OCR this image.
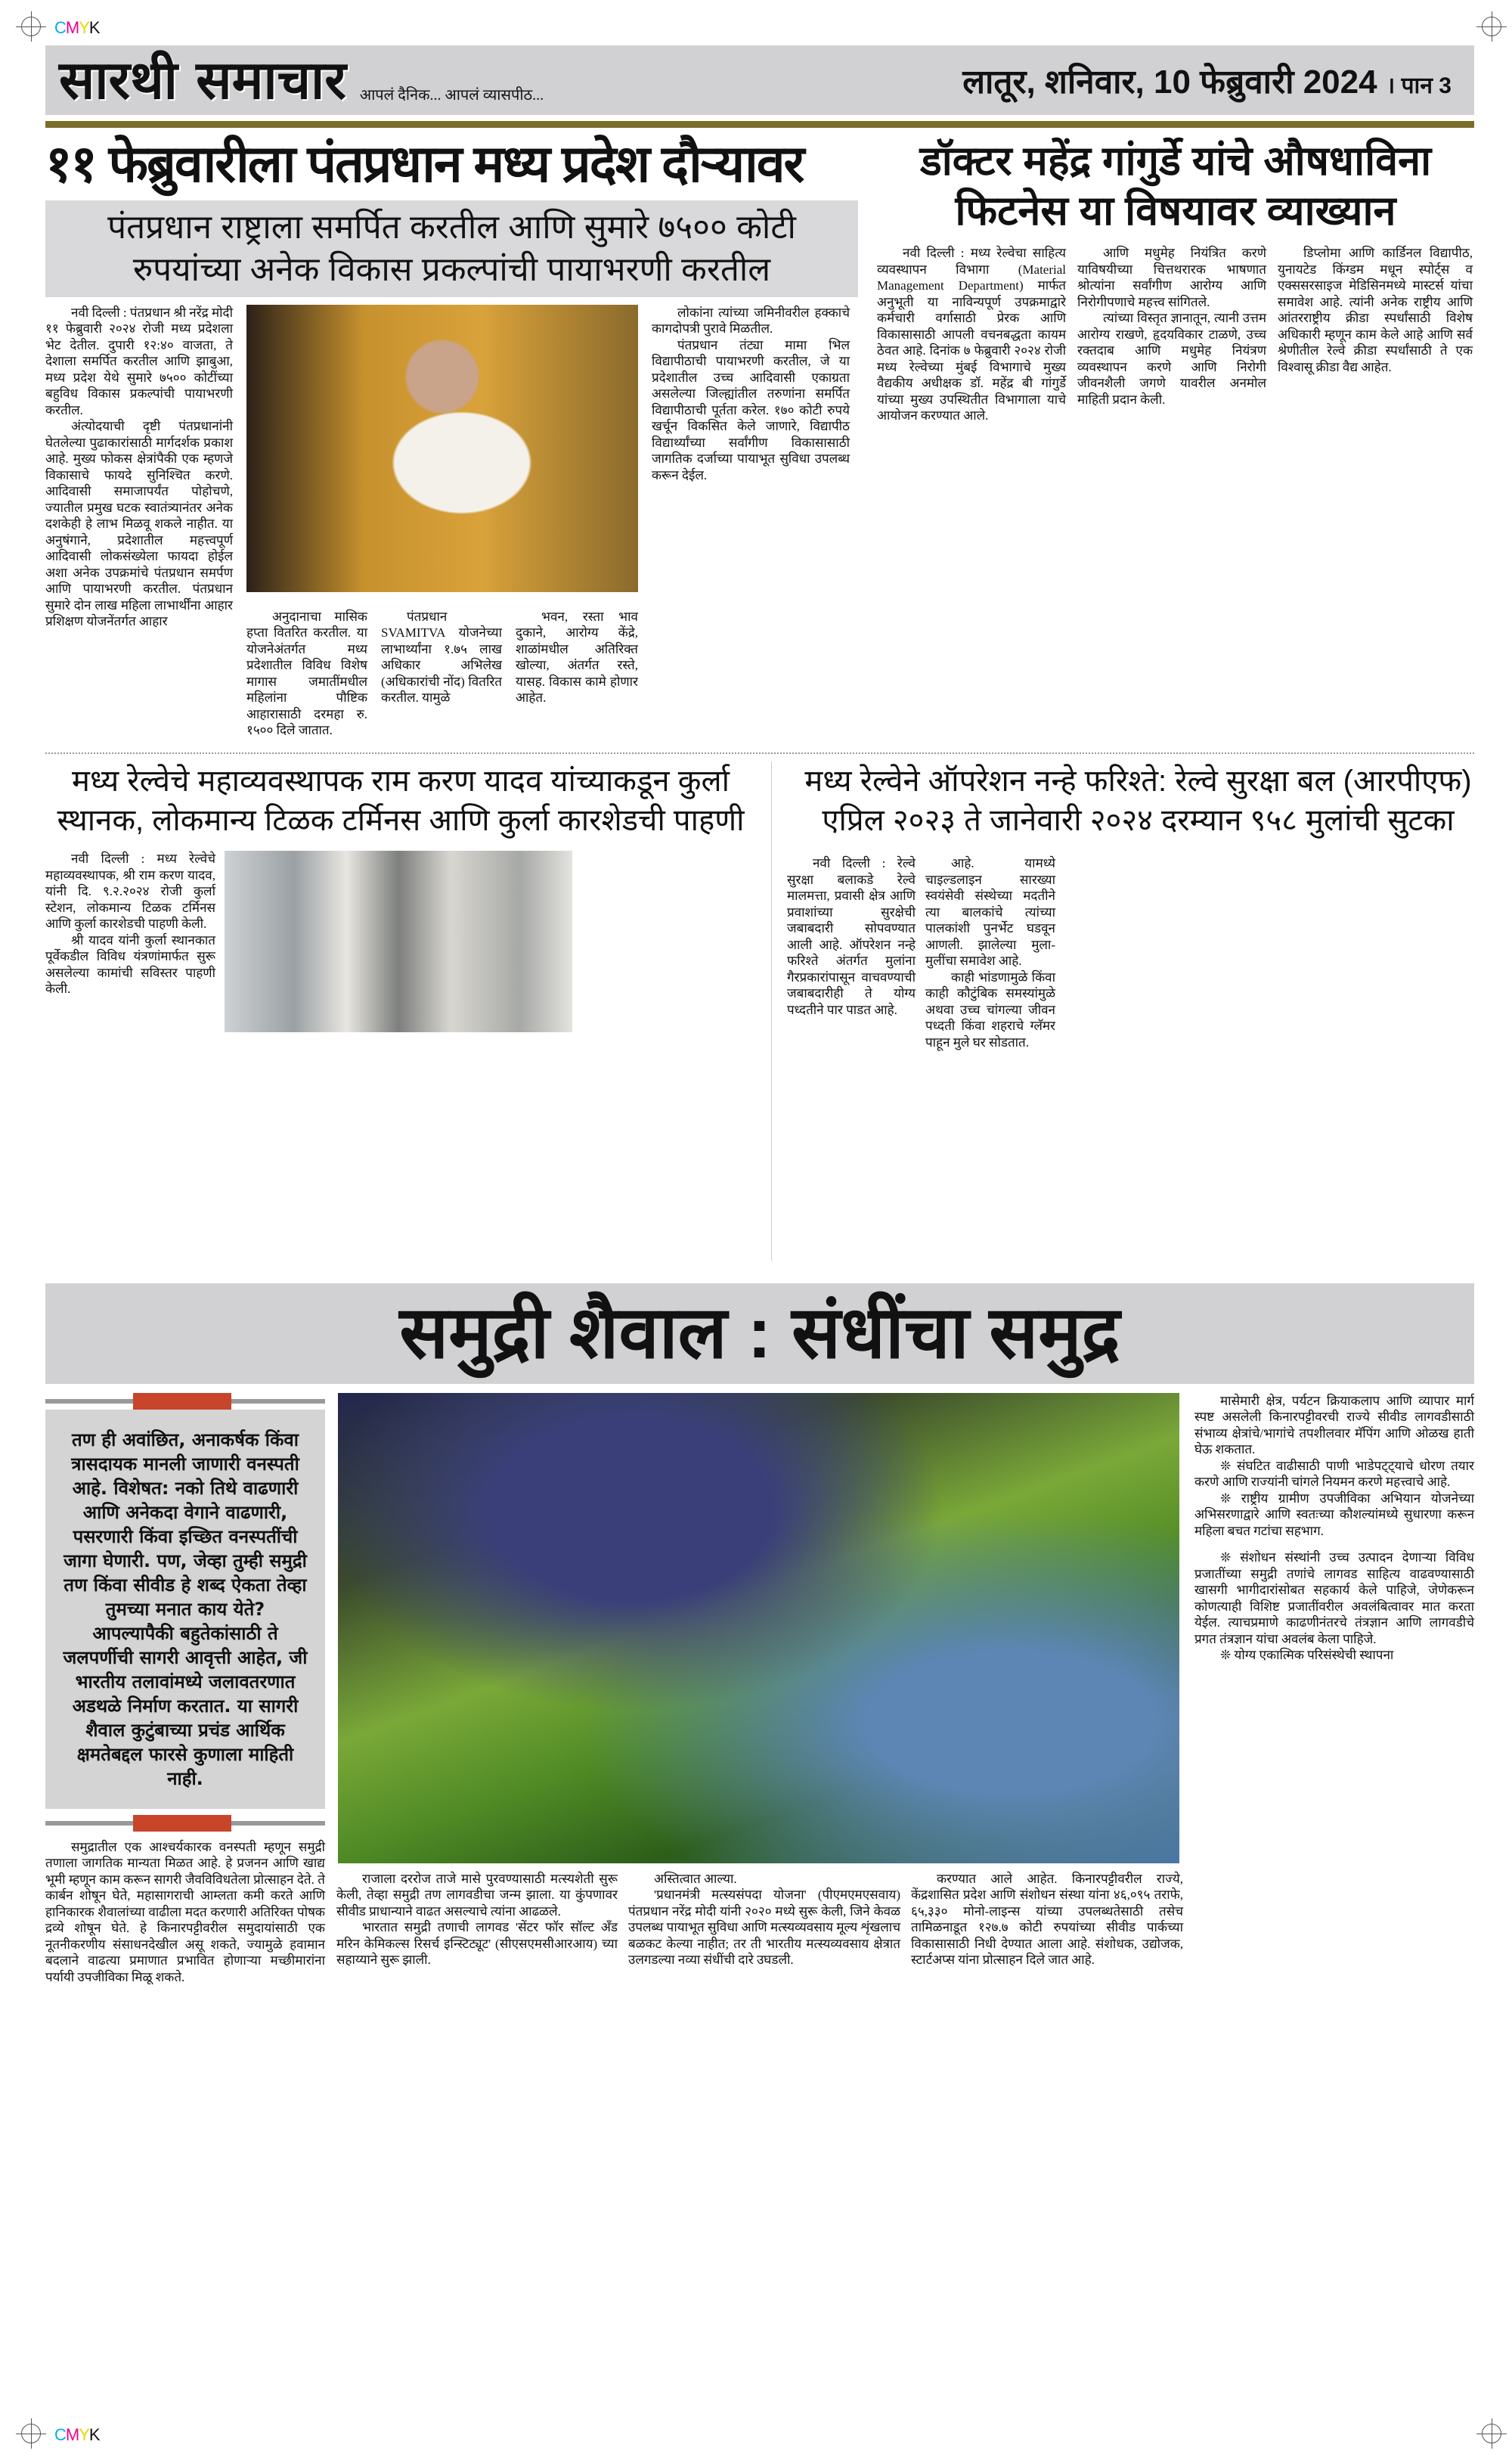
CMYK
सारथी समाचार आपलं दैनिक... आपलं व्यासपीठ...	लातूर, शनिवार, 10 फेब्रुवारी 2024 । पान 3
११ फेब्रुवारीला पंतप्रधान मध्य प्रदेश दौऱ्यावर
पंतप्रधान राष्ट्राला समर्पित करतील आणि सुमारे ७५०० कोटी रुपयांच्या अनेक विकास प्रकल्पांची पायाभरणी करतील

नवी दिल्ली : पंतप्रधान श्री नरेंद्र मोदी ११ फेब्रुवारी २०२४ रोजी मध्य प्रदेशला भेट देतील. दुपारी १२:४० वाजता, ते देशाला समर्पित करतील आणि झाबुआ, मध्य प्रदेश येथे सुमारे ७५०० कोटींच्या बहुविध विकास प्रकल्पांची पायाभरणी करतील.

अंत्योदयाची दृष्टी पंतप्रधानांनी घेतलेल्या पुढाकारांसाठी मार्गदर्शक प्रकाश आहे. मुख्य फोकस क्षेत्रांपैकी एक म्हणजे विकासाचे फायदे सुनिश्चित करणे. आदिवासी समाजापर्यंत पोहोचणे, ज्यातील प्रमुख घटक स्वातंत्र्यानंतर अनेक दशकेही हे लाभ मिळवू शकले नाहीत. या अनुषंगाने, प्रदेशातील महत्त्वपूर्ण आदिवासी लोकसंख्येला फायदा होईल अशा अनेक उपक्रमांचे पंतप्रधान समर्पण आणि पायाभरणी करतील. पंतप्रधान सुमारे दोन लाख महिला लाभार्थींना आहार प्रशिक्षण योजनेंतर्गत आहार	अनुदानाचा मासिक हप्ता वितरित करतील. या योजनेअंतर्गत मध्य प्रदेशातील विविध विशेष मागास जमातींमधील महिलांना पौष्टिक आहारासाठी दरमहा रु. १५०० दिले जातात.

पंतप्रधान SVAMITVA योजनेच्या लाभार्थ्यांना १.७५ लाख अधिकार अभिलेख (अधिकारांची नोंद) वितरित करतील. यामुळे

भवन, रस्ता भाव दुकाने, आरोग्य केंद्रे, शाळांमधील अतिरिक्त खोल्या, अंतर्गत रस्ते, यासह. विकास कामे होणार आहेत.

लोकांना त्यांच्या जमिनीवरील हक्काचे कागदोपत्री पुरावे मिळतील.

पंतप्रधान तंट्या मामा भिल विद्यापीठाची पायाभरणी करतील, जे या प्रदेशातील उच्च आदिवासी एकाग्रता असलेल्या जिल्ह्यांतील तरुणांना समर्पित विद्यापीठाची पूर्तता करेल. १७० कोटी रुपये खर्चून विकसित केले जाणारे, विद्यापीठ विद्यार्थ्यांच्या सर्वांगीण विकासासाठी जागतिक दर्जाच्या पायाभूत सुविधा उपलब्ध करून देईल.

डॉक्टर महेंद्र गांगुर्डे यांचे औषधाविना फिटनेस या विषयावर व्याख्यान

नवी दिल्ली : मध्य रेल्वेचा साहित्य व्यवस्थापन विभागा (Material Management Department) मार्फत अनुभूती या नाविन्यपूर्ण उपक्रमाद्वारे कर्मचारी वर्गासाठी प्रेरक आणि विकासासाठी आपली वचनबद्धता कायम ठेवत आहे. दिनांक ७ फेब्रुवारी २०२४ रोजी मध्य रेल्वेच्या मुंबई विभागाचे मुख्य वैद्यकीय अधीक्षक डॉ. महेंद्र बी गांगुर्डे यांच्या मुख्य उपस्थितीत विभागाला याचे आयोजन करण्यात आले.

आणि मधुमेह नियंत्रित करणे याविषयीच्या चित्तथरारक भाषणात श्रोत्यांना सर्वांगीण आरोग्य आणि निरोगीपणाचे महत्त्व सांगितले.

त्यांच्या विस्तृत ज्ञानातून, त्यानी उत्तम आरोग्य राखणे, हृदयविकार टाळणे, उच्च रक्तदाब आणि मधुमेह नियंत्रण व्यवस्थापन करणे आणि निरोगी जीवनशैली जगणे यावरील अनमोल माहिती प्रदान केली.

डिप्लोमा आणि कार्डिनल विद्यापीठ, युनायटेड किंग्डम मधून स्पोर्ट्स व एक्ससरसाइज मेडिसिनमध्ये मास्टर्स यांचा समावेश आहे. त्यांनी अनेक राष्ट्रीय आणि आंतरराष्ट्रीय क्रीडा स्पर्धांसाठी विशेष अधिकारी म्हणून काम केले आहे आणि सर्व श्रेणीतील रेल्वे क्रीडा स्पर्धांसाठी ते एक विश्वासू क्रीडा वैद्य आहेत.

मध्य रेल्वेचे महाव्यवस्थापक राम करण यादव यांच्याकडून कुर्ला स्थानक, लोकमान्य टिळक टर्मिनस आणि कुर्ला कारशेडची पाहणी

नवी दिल्ली : मध्य रेल्वेचे महाव्यवस्थापक, श्री राम करण यादव, यांनी दि. ९.२.२०२४ रोजी कुर्ला स्टेशन, लोकमान्य टिळक टर्मिनस आणि कुर्ला कारशेडची पाहणी केली.

श्री यादव यांनी कुर्ला स्थानकात पूर्वेकडील विविध यंत्रणांमार्फत सुरू असलेल्या कामांची सविस्तर पाहणी केली.

मध्य रेल्वेने ऑपरेशन नन्हे फरिश्ते: रेल्वे सुरक्षा बल (आरपीएफ) एप्रिल २०२३ ते जानेवारी २०२४ दरम्यान ९५८ मुलांची सुटका

नवी दिल्ली : रेल्वे सुरक्षा बलाकडे रेल्वे मालमत्ता, प्रवासी क्षेत्र आणि प्रवाशांच्या सुरक्षेची जबाबदारी सोपवण्यात आली आहे. ऑपरेशन नन्हे फरिश्ते अंतर्गत मुलांना गैरप्रकारांपासून वाचवण्याची जबाबदारीही ते योग्य पध्दतीने पार पाडत आहे.

आहे. यामध्ये चाइल्डलाइन सारख्या स्वयंसेवी संस्थेच्या मदतीने त्या बालकांचे त्यांच्या पालकांशी पुनर्भेट घडवून आणली. झालेल्या मुला-मुलींचा समावेश आहे.

काही भांडणामुळे किंवा काही कौटुंबिक समस्यांमुळे अथवा उच्च चांगल्या जीवन पध्दती किंवा शहराचे ग्लॅमर पाहून मुले घर सोडतात.

समुद्री शैवाल : संधींचा समुद्र
तण ही अवांछित, अनाकर्षक किंवा त्रासदायक मानली जाणारी वनस्पती आहे. विशेषत: नको तिथे वाढणारी आणि अनेकदा वेगाने वाढणारी, पसरणारी किंवा इच्छित वनस्पतींची जागा घेणारी. पण, जेव्हा तुम्ही समुद्री तण किंवा सीवीड हे शब्द ऐकता तेव्हा तुमच्या मनात काय येते? आपल्यापैकी बहुतेकांसाठी ते जलपर्णीची सागरी आवृत्ती आहेत, जी भारतीय तलावांमध्ये जलावतरणात अडथळे निर्माण करतात. या सागरी शैवाल कुटुंबाच्या प्रचंड आर्थिक क्षमतेबद्दल फारसे कुणाला माहिती नाही.

समुद्रातील एक आश्चर्यकारक वनस्पती म्हणून समुद्री तणाला जागतिक मान्यता मिळत आहे. हे प्रजनन आणि खाद्य भूमी म्हणून काम करून सागरी जैवविविधतेला प्रोत्साहन देते. ते कार्बन शोषून घेते, महासागराची आम्लता कमी करते आणि हानिकारक शैवालांच्या वाढीला मदत करणारी अतिरिक्त पोषक द्रव्ये शोषून घेते. हे किनारपट्टीवरील समुदायांसाठी एक नूतनीकरणीय संसाधनदेखील असू शकते, ज्यामुळे हवामान बदलाने वाढत्या प्रमाणात प्रभावित होणाऱ्या मच्छीमारांना पर्यायी उपजीविका मिळू शकते.

राजाला दररोज ताजे मासे पुरवण्यासाठी मत्स्यशेती सुरू केली, तेव्हा समुद्री तण लागवडीचा जन्म झाला. या कुंपणावर सीवीड प्राधान्याने वाढत असल्याचे त्यांना आढळले.

भारतात समुद्री तणाची लागवड 'सेंटर फॉर सॉल्ट अँड मरिन केमिकल्स रिसर्च इन्स्टिट्यूट' (सीएसएमसीआरआय) च्या सहाय्याने सुरू झाली.

अस्तित्वात आल्या.

'प्रधानमंत्री मत्स्यसंपदा योजना' (पीएमएमएसवाय) पंतप्रधान नरेंद्र मोदी यांनी २०२० मध्ये सुरू केली, जिने केवळ उपलब्ध पायाभूत सुविधा आणि मत्स्यव्यवसाय मूल्य शृंखलाच बळकट केल्या नाहीत; तर ती भारतीय मत्स्यव्यवसाय क्षेत्रात उलगडल्या नव्या संधींची दारे उघडली.

करण्यात आले आहेत. किनारपट्टीवरील राज्ये, केंद्रशासित प्रदेश आणि संशोधन संस्था यांना ४६,०९५ तराफे, ६५,३३० मोनो-लाइन्स यांच्या उपलब्धतेसाठी तसेच तामिळनाडूत १२७.७ कोटी रुपयांच्या सीवीड पार्कच्या विकासासाठी निधी देण्यात आला आहे. संशोधक, उद्योजक, स्टार्टअप्स यांना प्रोत्साहन दिले जात आहे.

मासेमारी क्षेत्र, पर्यटन क्रियाकलाप आणि व्यापार मार्ग स्पष्ट असलेली किनारपट्टीवरची राज्ये सीवीड लागवडीसाठी संभाव्य क्षेत्रांचे/भागांचे तपशीलवार मॅपिंग आणि ओळख हाती घेऊ शकतात.

❊ संघटित वाढीसाठी पाणी भाडेपट्ट्याचे धोरण तयार करणे आणि राज्यांनी चांगले नियमन करणे महत्त्वाचे आहे.

❊ राष्ट्रीय ग्रामीण उपजीविका अभियान योजनेच्या अभिसरणाद्वारे आणि स्वतःच्या कौशल्यांमध्ये सुधारणा करून महिला बचत गटांचा सहभाग.

❊ संशोधन संस्थांनी उच्च उत्पादन देणाऱ्या विविध प्रजातींच्या समुद्री तणांचे लागवड साहित्य वाढवण्यासाठी खासगी भागीदारांसोबत सहकार्य केले पाहिजे, जेणेकरून कोणत्याही विशिष्ट प्रजातींवरील अवलंबित्वावर मात करता येईल. त्याचप्रमाणे काढणीनंतरचे तंत्रज्ञान आणि लागवडीचे प्रगत तंत्रज्ञान यांचा अवलंब केला पाहिजे.

❊ योग्य एकात्मिक परिसंस्थेची स्थापना

CMYK
